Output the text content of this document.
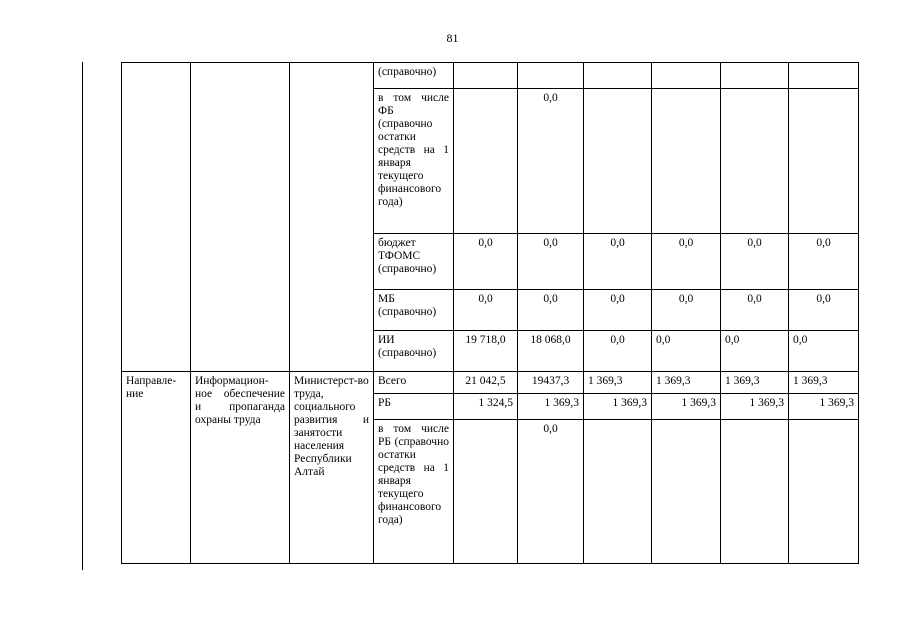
81
			(справочно)						
			в том числе ФБ (справочно остатки средств на 1 января текущего финансового года)		0,0				
			бюджет ТФОМС (справочно)	0,0	0,0	0,0	0,0	0,0	0,0
			МБ (справочно)	0,0	0,0	0,0	0,0	0,0	0,0
			ИИ (справочно)	19 718,0	18 068,0	0,0	0,0	0,0	0,0
Направле-ние	Информацион-ное обеспечение и пропаганда охраны труда	Министерст-во труда, социального развития и занятости населения Республики Алтай	Всего	21 042,5	19437,3	1 369,3	1 369,3	1 369,3	1 369,3
			РБ	1 324,5	1 369,3	1 369,3	1 369,3	1 369,3	1 369,3
			в том числе РБ (справочно остатки средств на 1 января текущего финансового года)		0,0				
